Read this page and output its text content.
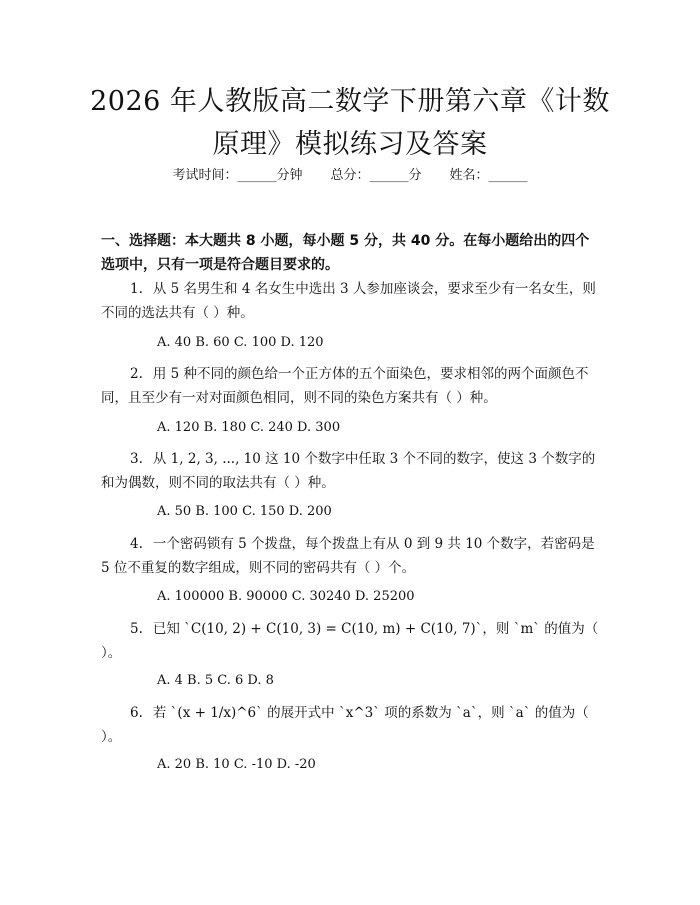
2026 年人教版高二数学下册第六章《计数原理》模拟练习及答案
考试时间：______分钟 总分：______分 姓名：______
一、选择题：本大题共 8 小题，每小题 5 分，共 40 分。在每小题给出的四个选项中，只有一项是符合题目要求的。
1. 从 5 名男生和 4 名女生中选出 3 人参加座谈会，要求至少有一名女生，则不同的选法共有（ ）种。
A. 40 B. 60 C. 100 D. 120
2. 用 5 种不同的颜色给一个正方体的五个面染色，要求相邻的两个面颜色不同，且至少有一对对面颜色相同，则不同的染色方案共有（ ）种。
A. 120 B. 180 C. 240 D. 300
3. 从 1, 2, 3, ..., 10 这 10 个数字中任取 3 个不同的数字，使这 3 个数字的和为偶数，则不同的取法共有（ ）种。
A. 50 B. 100 C. 150 D. 200
4. 一个密码锁有 5 个拨盘，每个拨盘上有从 0 到 9 共 10 个数字，若密码是 5 位不重复的数字组成，则不同的密码共有（ ）个。
A. 100000 B. 90000 C. 30240 D. 25200
5. 已知 `C(10, 2) + C(10, 3) = C(10, m) + C(10, 7)`，则 `m` 的值为（ ）。
A. 4 B. 5 C. 6 D. 8
6. 若 `(x + 1/x)^6` 的展开式中 `x^3` 项的系数为 `a`，则 `a` 的值为（ ）。
A. 20 B. 10 C. -10 D. -20
